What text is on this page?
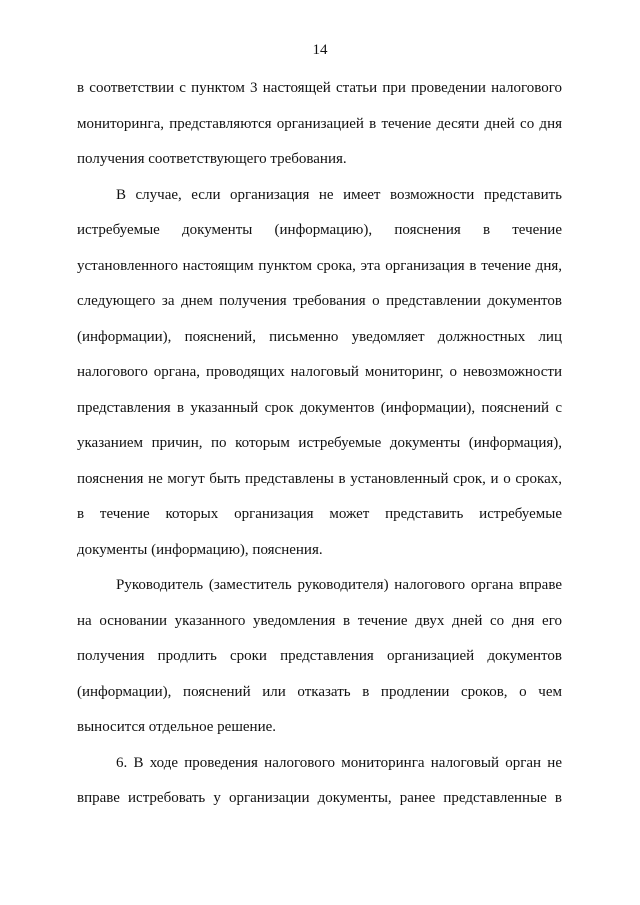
14
в соответствии с пунктом 3 настоящей статьи при проведении налогового
мониторинга, представляются организацией в течение десяти дней со дня
получения соответствующего требования.
В случае, если организация не имеет возможности представить
истребуемые документы (информацию), пояснения в течение
установленного настоящим пунктом срока, эта организация в течение дня,
следующего за днем получения требования о представлении документов
(информации), пояснений, письменно уведомляет должностных лиц
налогового органа, проводящих налоговый мониторинг, о невозможности
представления в указанный срок документов (информации), пояснений с
указанием причин, по которым истребуемые документы (информация),
пояснения не могут быть представлены в установленный срок, и о сроках,
в течение которых организация может представить истребуемые
документы (информацию), пояснения.
Руководитель (заместитель руководителя) налогового органа вправе
на основании указанного уведомления в течение двух дней со дня его
получения продлить сроки представления организацией документов
(информации), пояснений или отказать в продлении сроков, о чем
выносится отдельное решение.
6. В ходе проведения налогового мониторинга налоговый орган не
вправе истребовать у организации документы, ранее представленные в
